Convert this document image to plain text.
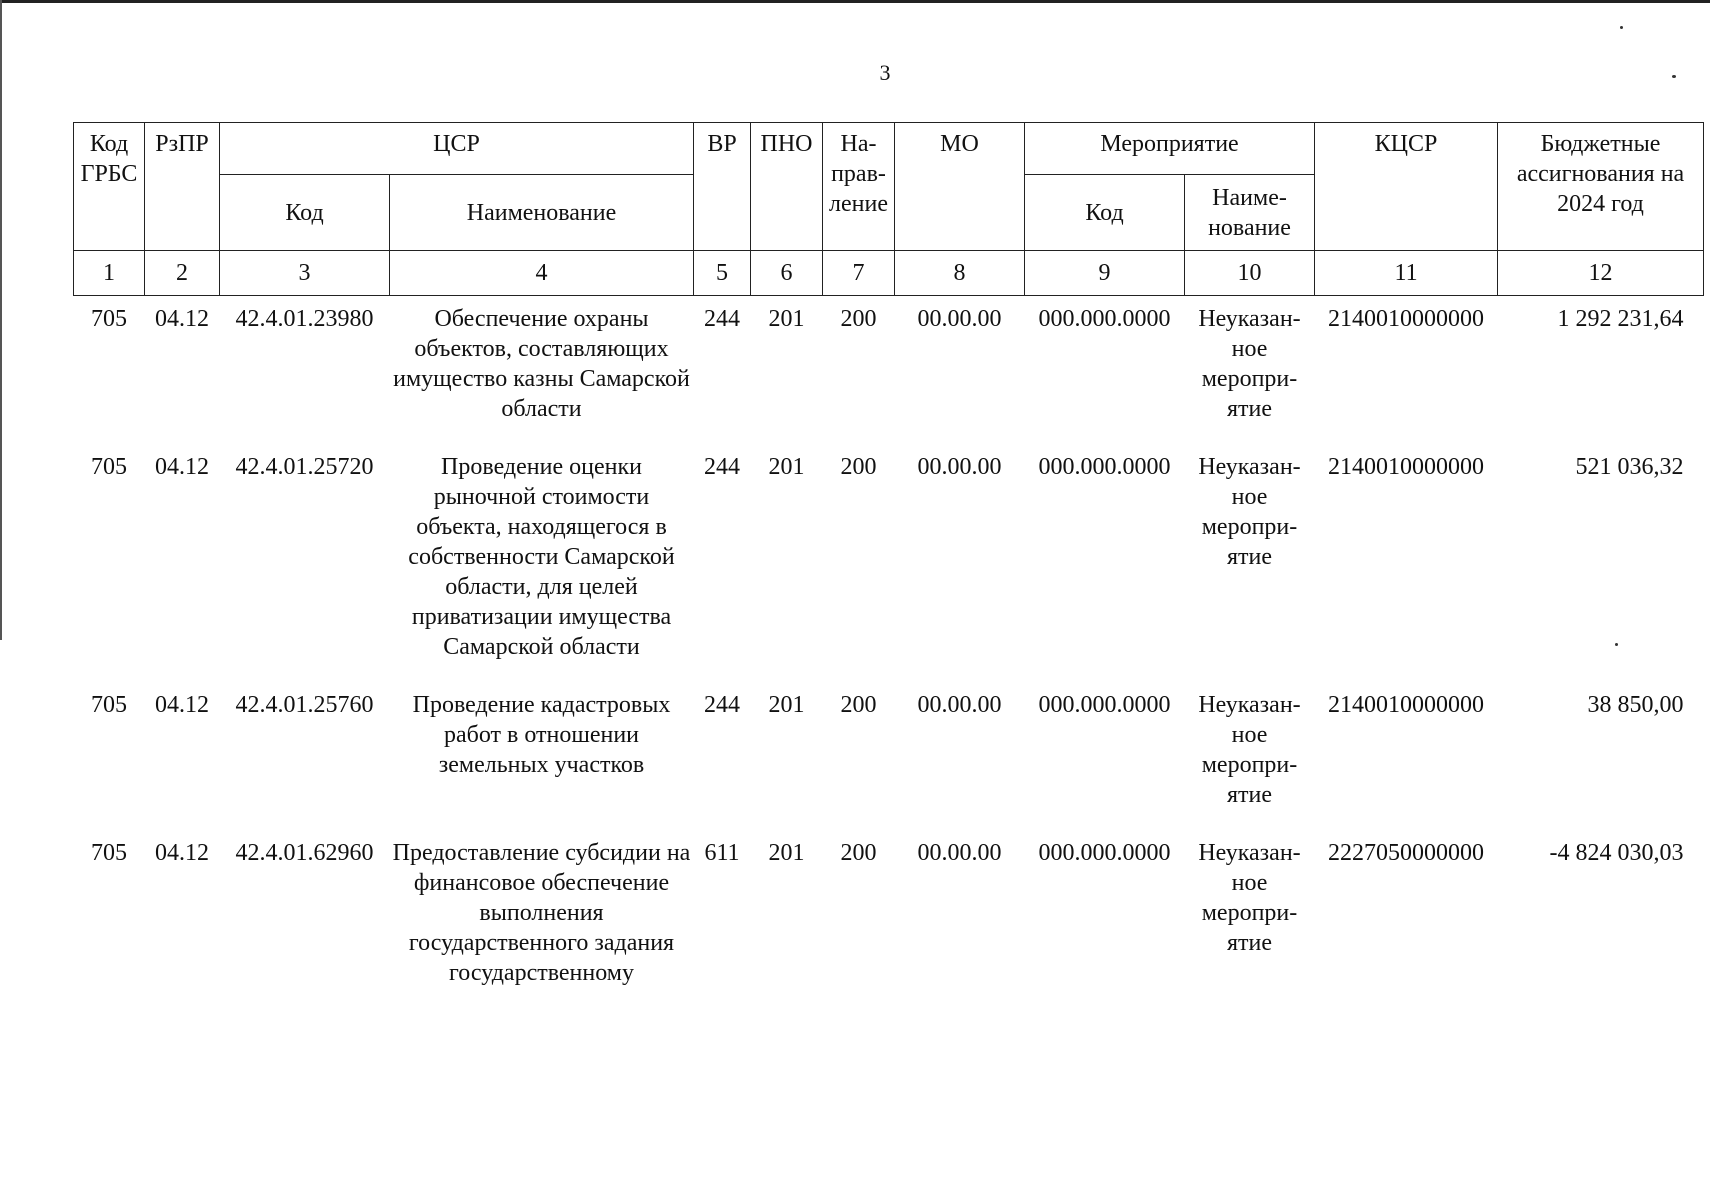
3
Код ГРБС	РзПР	ЦСР		ВР	ПНО	На-прав-ление	МО	Мероприятие		КЦСР	Бюджетные ассигнования на 2024 год
		Код	Наименование					Код	Наиме-нование		
1	2	3	4	5	6	7	8	9	10	11	12
705	04.12	42.4.01.23980	Обеспечение охраны объектов, составляющих имущество казны Самарской области	244	201	200	00.00.00	000.000.0000	Неуказан-ное меропри-ятие	2140010000000	1 292 231,64
705	04.12	42.4.01.25720	Проведение оценки рыночной стоимости объекта, находящегося в собственности Самарской области, для целей приватизации имущества Самарской области	244	201	200	00.00.00	000.000.0000	Неуказан-ное меропри-ятие	2140010000000	521 036,32
705	04.12	42.4.01.25760	Проведение кадастровых работ в отношении земельных участков	244	201	200	00.00.00	000.000.0000	Неуказан-ное меропри-ятие	2140010000000	38 850,00
705	04.12	42.4.01.62960	Предоставление субсидии на финансовое обеспечение выполнения государственного задания государственному	611	201	200	00.00.00	000.000.0000	Неуказан-ное меропри-ятие	2227050000000	-4 824 030,03
